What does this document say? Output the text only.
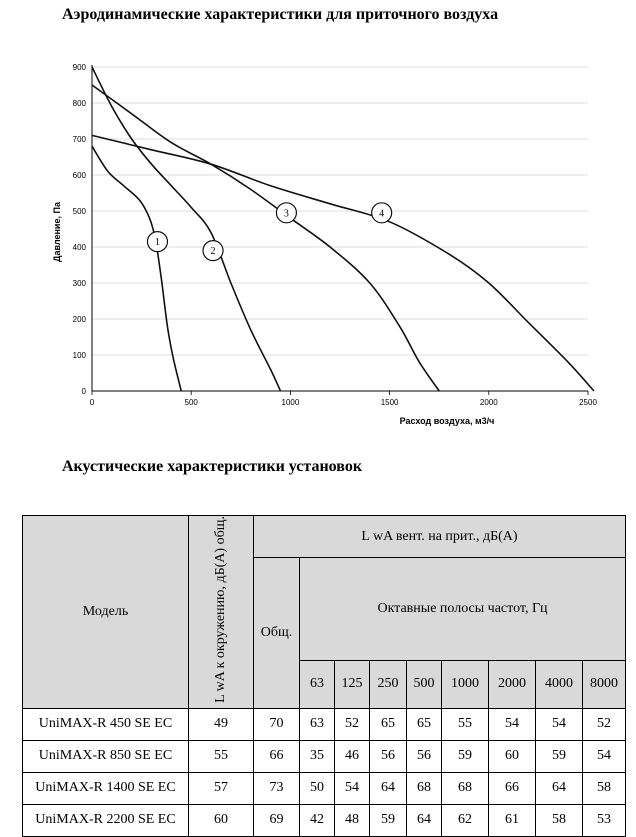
Аэродинамические характеристики для приточного воздуха
0
100
200
300
400
500
600
700
800
900
0	500	1000	1500	2000	2500
1
2
3	4
Давление, Па
Расход воздуха, м3/ч
Акустические характеристики установок
Модель	L wA к окружению, дБ(А) общ.	L wA вент. на прит., дБ(А)								
		Общ.	Октавные полосы частот, Гц							
			63	125	250	500	1000	2000	4000	8000
UniMAX-R 450 SE EC	49	70	63	52	65	65	55	54	54	52
UniMAX-R 850 SE EC	55	66	35	46	56	56	59	60	59	54
UniMAX-R 1400 SE EC	57	73	50	54	64	68	68	66	64	58
UniMAX-R 2200 SE EC	60	69	42	48	59	64	62	61	58	53
